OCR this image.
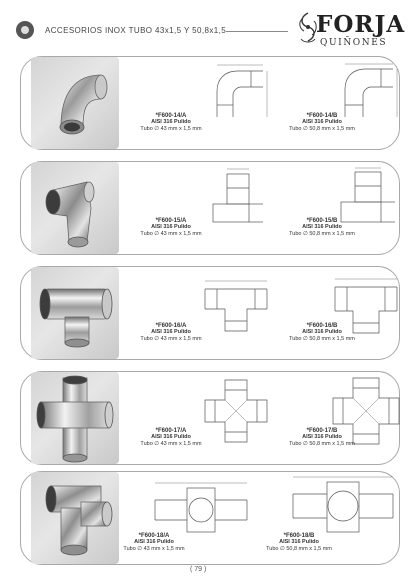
ACCESORIOS INOX TUBO 43x1,5 Y 50,8x1,5	FORJA
QUIÑONES
*F600-14/A
AISI 316 Pulido
Tubo ∅ 43 mm x 1,5 mm
*F600-14/B
AISI 316 Pulido
Tubo ∅ 50,8 mm x 1,5 mm
*F600-15/A
AISI 316 Pulido
Tubo ∅ 43 mm x 1,5 mm
*F600-15/B
AISI 316 Pulido
Tubo ∅ 50,8 mm x 1,5 mm
*F600-16/A
AISI 316 Pulido
Tubo ∅ 43 mm x 1,5 mm
*F600-16/B
AISI 316 Pulido
Tubo ∅ 50,8 mm x 1,5 mm
*F600-17/A
AISI 316 Pulido
Tubo ∅ 43 mm x 1,5 mm
*F600-17/B
AISI 316 Pulido
Tubo ∅ 50,8 mm x 1,5 mm
*F600-18/A
AISI 316 Pulido
Tubo ∅ 43 mm x 1,5 mm
*F600-18/B
AISI 316 Pulido
Tubo ∅ 50,8 mm x 1,5 mm
( 79 )
